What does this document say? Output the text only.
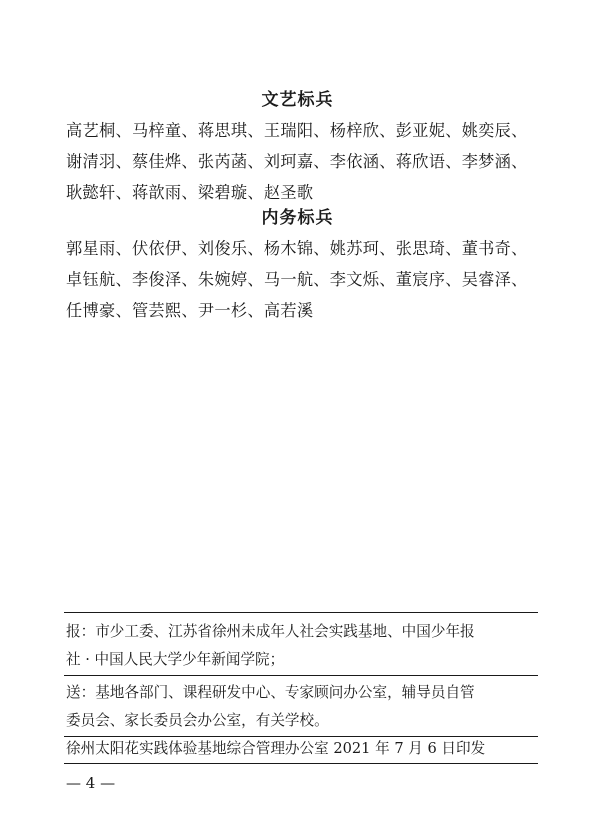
文艺标兵
高艺桐、马梓童、蒋思琪、王瑞阳、杨梓欣、彭亚妮、姚奕辰、
谢清羽、蔡佳烨、张芮菡、刘珂嘉、李依涵、蒋欣语、李梦涵、
耿懿轩、蒋歆雨、梁碧璇、赵圣歌
内务标兵
郭星雨、伏依伊、刘俊乐、杨木锦、姚苏珂、张思琦、董书奇、
卓钰航、李俊泽、朱婉婷、马一航、李文烁、董宸序、吴睿泽、
任博豪、管芸熙、尹一杉、高若溪
报：市少工委、江苏省徐州未成年人社会实践基地、中国少年报
社 · 中国人民大学少年新闻学院；
送：基地各部门、课程研发中心、专家顾问办公室，辅导员自管
委员会、家长委员会办公室，有关学校。
徐州太阳花实践体验基地综合管理办公室 2021 年 7 月 6 日印发
— 4 —
